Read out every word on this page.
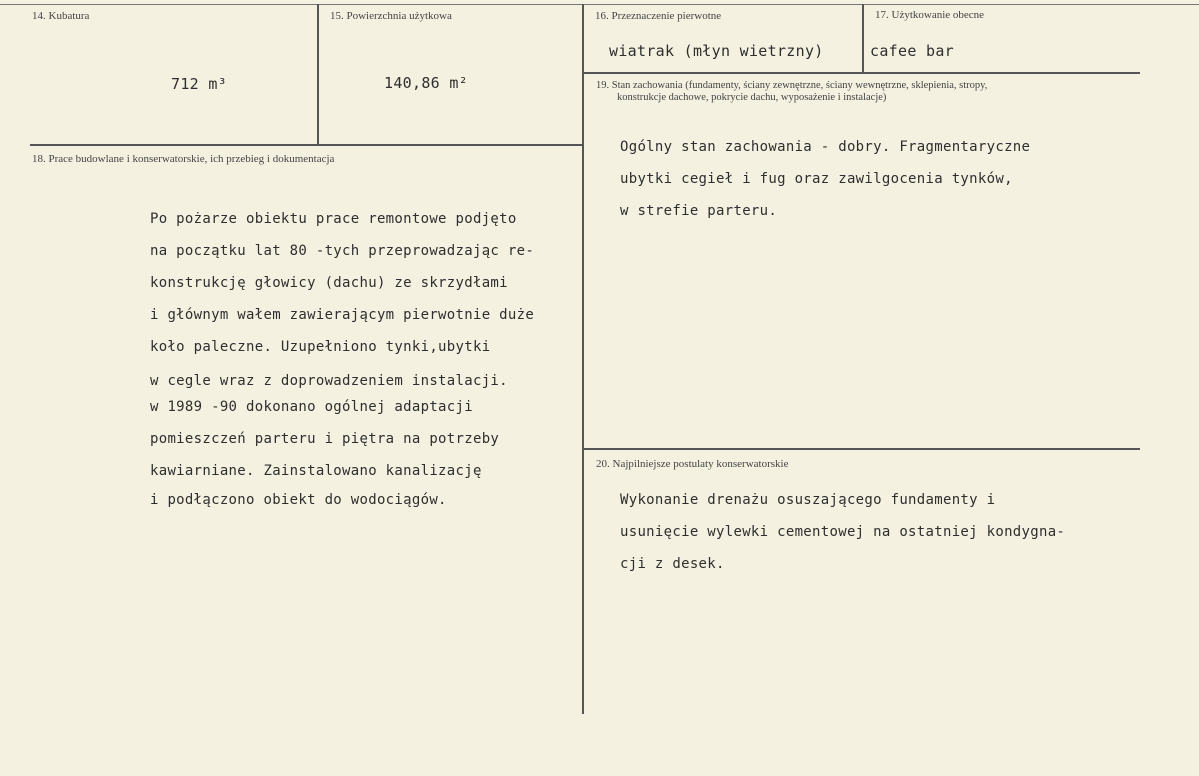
14. Kubatura
712 m³
15. Powierzchnia użytkowa
140,86 m²
16. Przeznaczenie pierwotne
wiatrak (młyn wietrzny)
17. Użytkowanie obecne
cafee bar
18. Prace budowlane i konserwatorskie, ich przebieg i dokumentacja
Po pożarze obiektu prace remontowe podjęto
na początku lat 80 -tych przeprowadzając re-
konstrukcję głowicy (dachu) ze skrzydłami
i głównym wałem zawierającym pierwotnie duże
koło paleczne. Uzupełniono tynki,ubytki
w cegle wraz z doprowadzeniem instalacji.
w 1989 -90 dokonano ogólnej adaptacji
pomieszczeń parteru i piętra na potrzeby
kawiarniane. Zainstalowano kanalizację
i podłączono obiekt do wodociągów.
19. Stan zachowania (fundamenty, ściany zewnętrzne, ściany wewnętrzne, sklepienia, stropy,
konstrukcje dachowe, pokrycie dachu, wyposażenie i instalacje)
Ogólny stan zachowania - dobry. Fragmentaryczne
ubytki cegieł i fug oraz zawilgocenia tynków,
w strefie parteru.
20. Najpilniejsze postulaty konserwatorskie
Wykonanie drenażu osuszającego fundamenty i
usunięcie wylewki cementowej na ostatniej kondygna-
cji z desek.
